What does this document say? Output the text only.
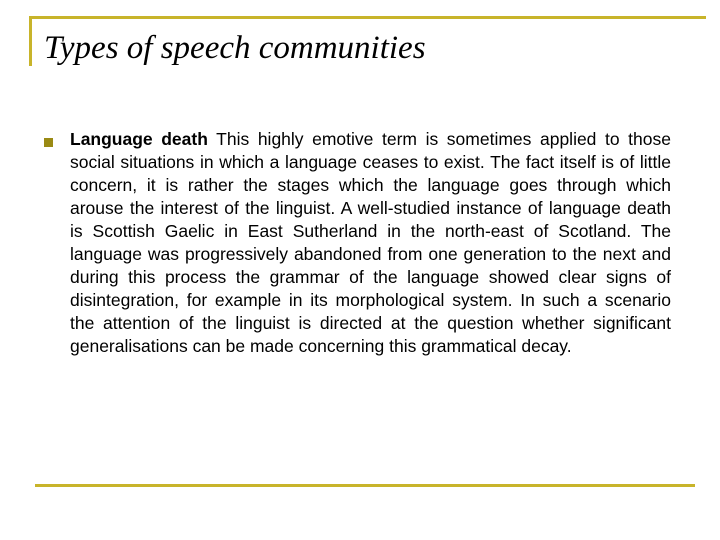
Types of speech communities

Language death This highly emotive term is sometimes applied to those social situations in which a language ceases to exist. The fact itself is of little concern, it is rather the stages which the language goes through which arouse the interest of the linguist. A well-studied instance of language death is Scottish Gaelic in East Sutherland in the north-east of Scotland. The language was progressively abandoned from one generation to the next and during this process the grammar of the language showed clear signs of disintegration, for example in its morphological system. In such a scenario the attention of the linguist is directed at the question whether significant generalisations can be made concerning this grammatical decay.
